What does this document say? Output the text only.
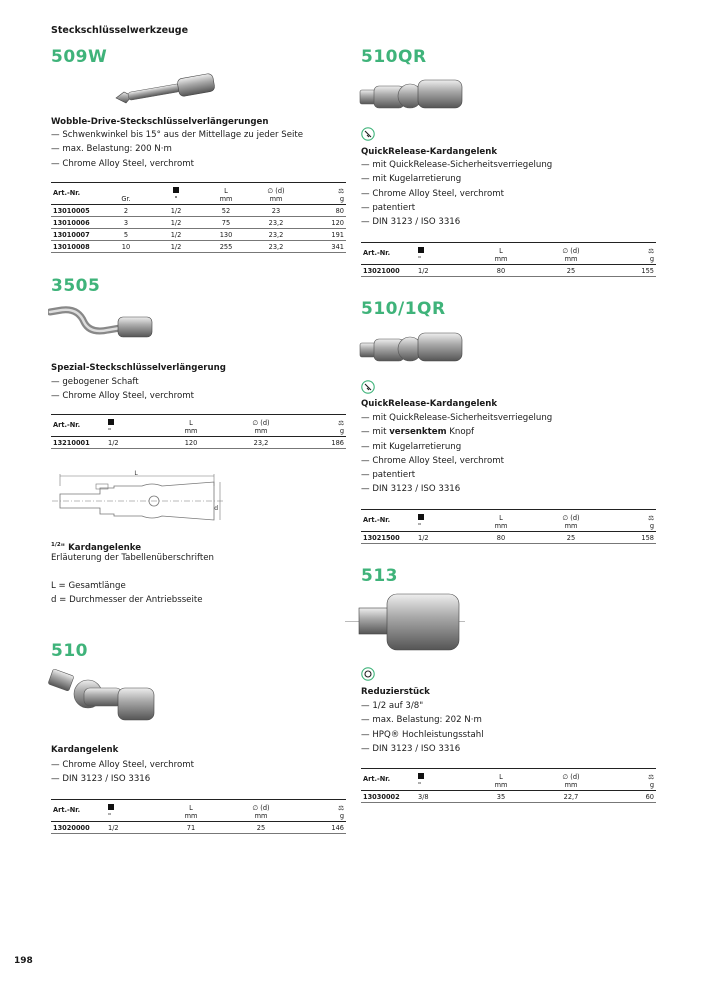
Steckschlüsselwerkzeuge
509W
Wobble-Drive-Steckschlüsselverlängerungen
— Schwenkwinkel bis 15° aus der Mittellage zu jeder Seite
— max. Belastung: 200 N·m
— Chrome Alloy Steel, verchromt
Art.-Nr.	Gr.	"	L
mm	∅ (d)
mm	⚖
g
13010005	2	1/2	52	23	80
13010006	3	1/2	75	23,2	120
13010007	5	1/2	130	23,2	191
13010008	10	1/2	255	23,2	341
3505
Spezial-Steckschlüsselverlängerung
— gebogener Schaft
— Chrome Alloy Steel, verchromt
Art.-Nr.	"	L
mm	∅ (d)
mm	⚖
g
13210001	1/2	120	23,2	186
L
d
$^{1/2}$" Kardangelenke
Erläuterung der Tabellenüberschriften
L = Gesamtlänge
d = Durchmesser der Antriebsseite
510
Kardangelenk
— Chrome Alloy Steel, verchromt
— DIN 3123 / ISO 3316
Art.-Nr.	"	L
mm	∅ (d)
mm	⚖
g
13020000	1/2	71	25	146
510QR
QuickRelease-Kardangelenk
— mit QuickRelease-Sicherheitsverriegelung
— mit Kugelarretierung
— Chrome Alloy Steel, verchromt
— patentiert
— DIN 3123 / ISO 3316
Art.-Nr.	"	L
mm	∅ (d)
mm	⚖
g
13021000	1/2	80	25	155
510/1QR
QuickRelease-Kardangelenk
— mit QuickRelease-Sicherheitsverriegelung
— mit versenktem Knopf
— mit Kugelarretierung
— Chrome Alloy Steel, verchromt
— patentiert
— DIN 3123 / ISO 3316
Art.-Nr.	"	L
mm	∅ (d)
mm	⚖
g
13021500	1/2	80	25	158
513
Reduzierstück
— 1/2 auf 3/8"
— max. Belastung: 202 N·m
— HPQ® Hochleistungsstahl
— DIN 3123 / ISO 3316
Art.-Nr.	"	L
mm	∅ (d)
mm	⚖
g
13030002	3/8	35	22,7	60
198
